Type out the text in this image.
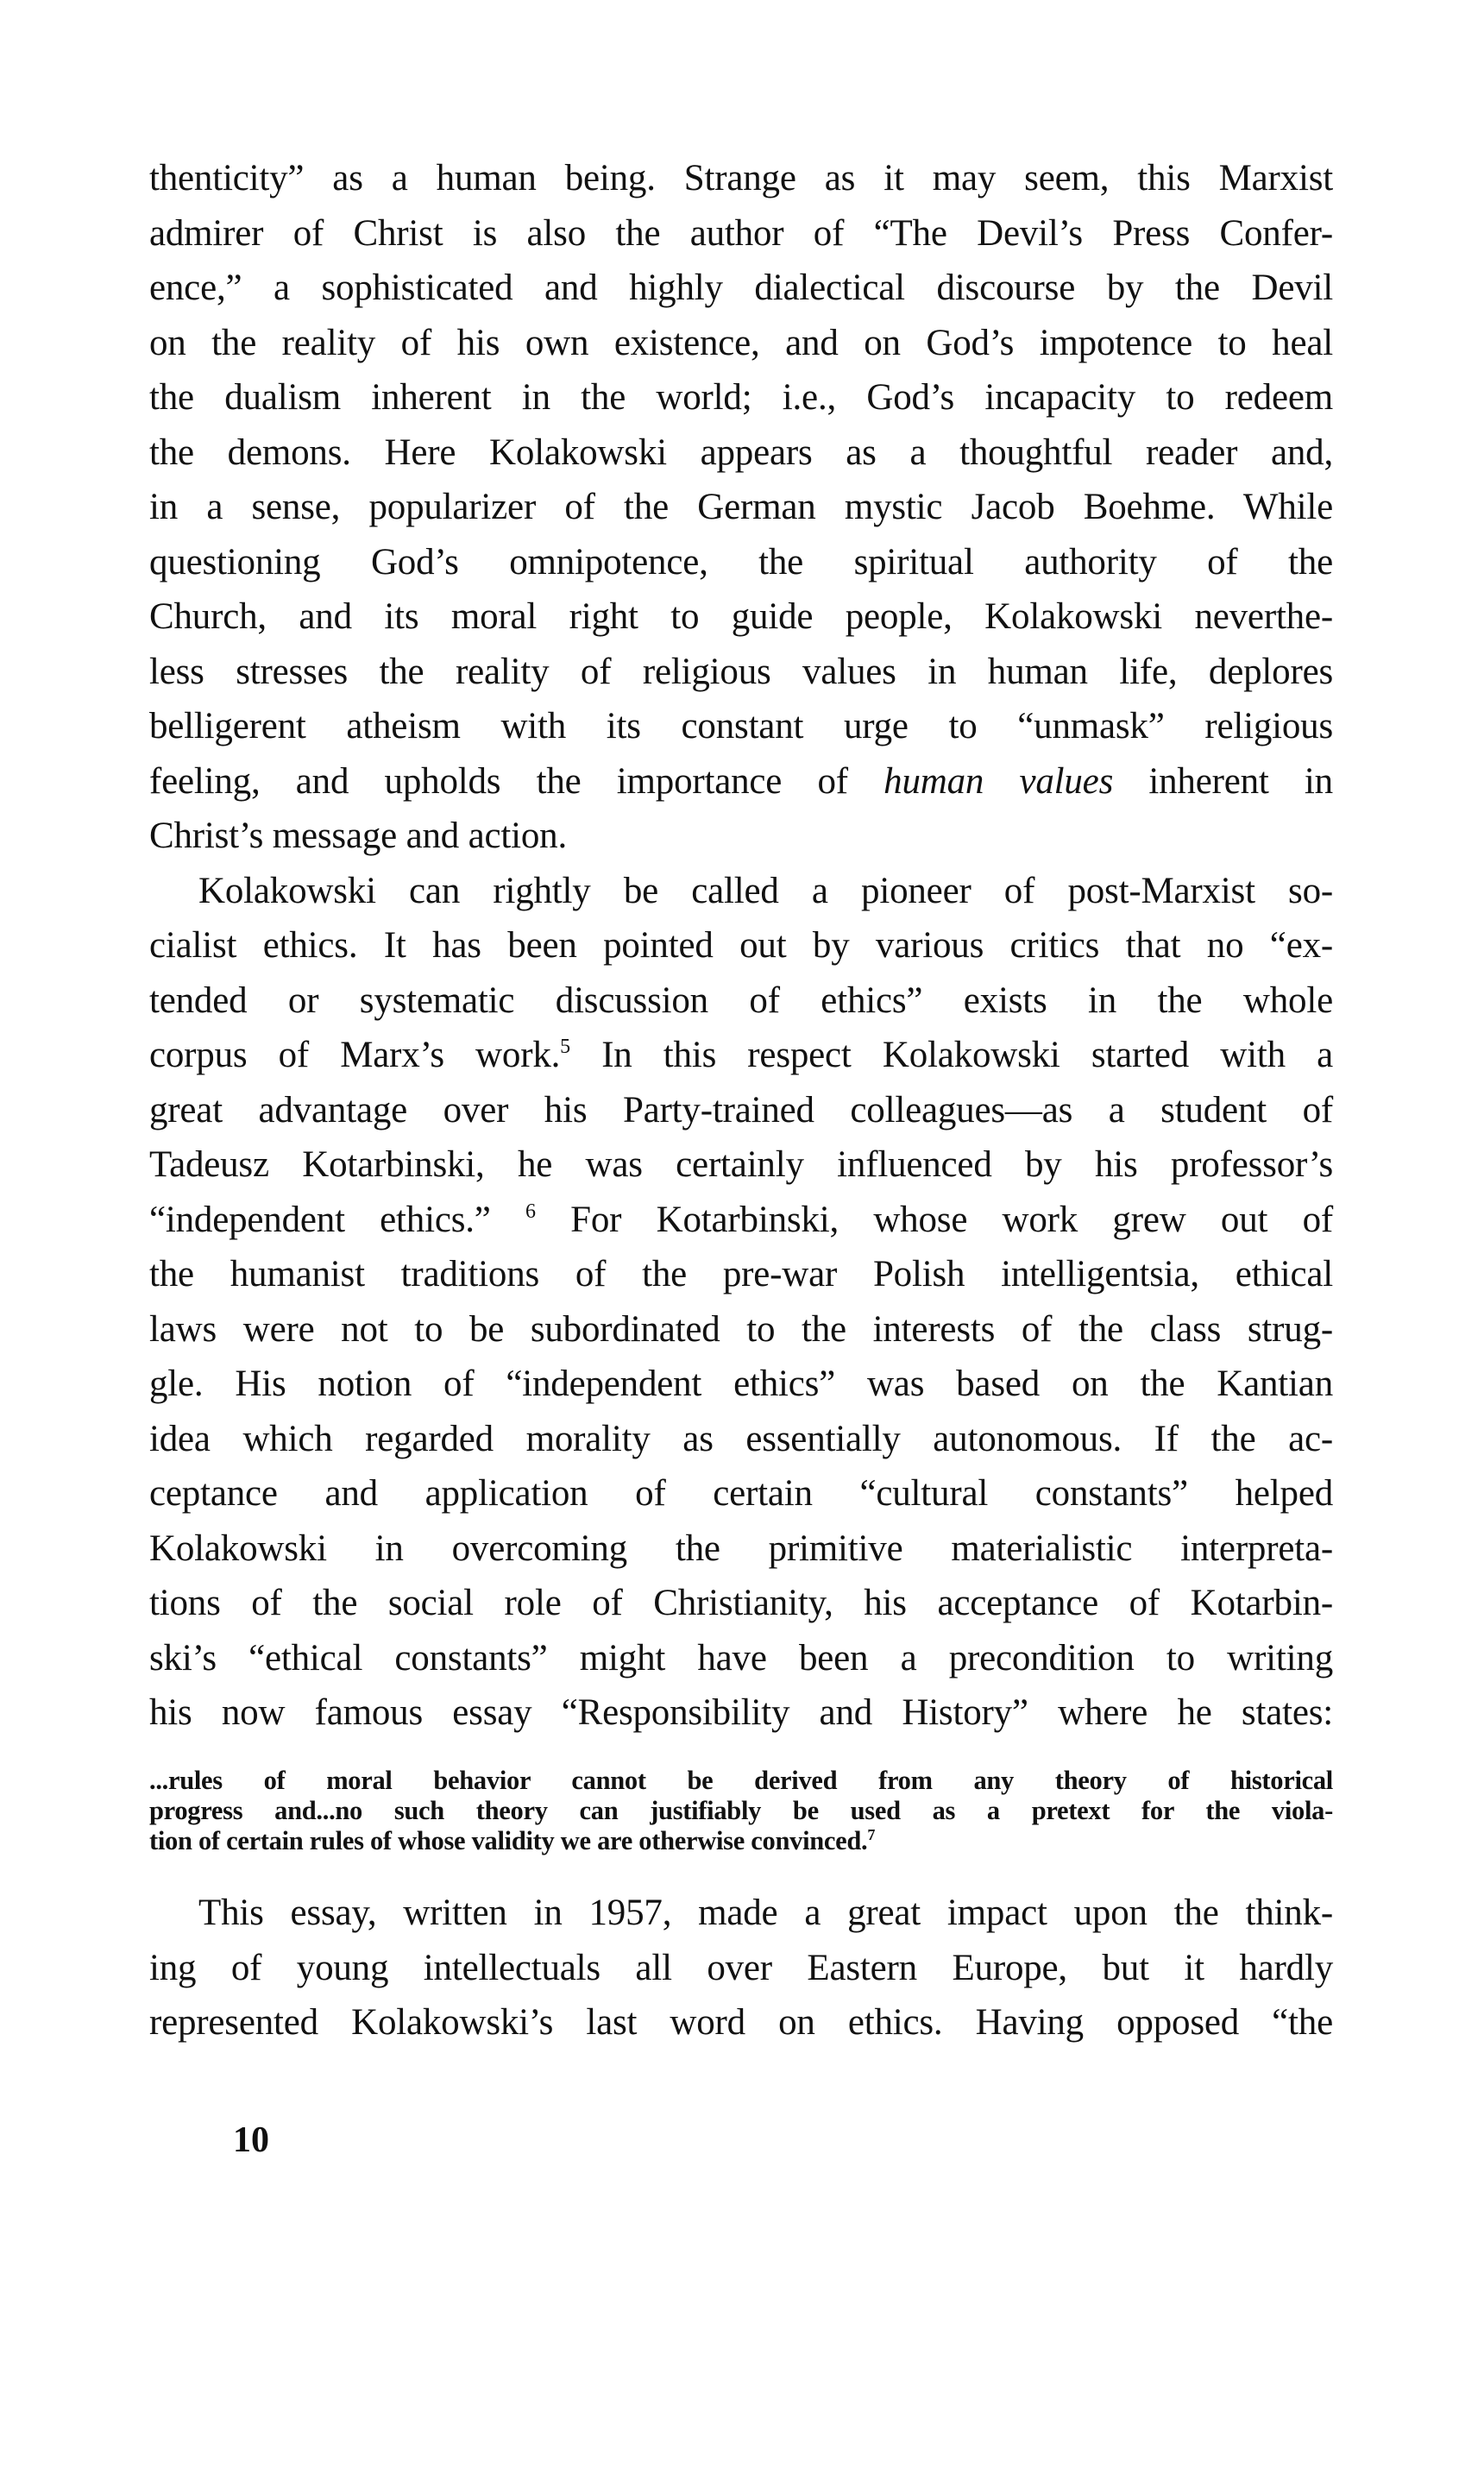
thenticity” as a human being. Strange as it may seem, this Marxist
admirer of Christ is also the author of “The Devil’s Press Confer-
ence,” a sophisticated and highly dialectical discourse by the Devil
on the reality of his own existence, and on God’s impotence to heal
the dualism inherent in the world; i.e., God’s incapacity to redeem
the demons. Here Kolakowski appears as a thoughtful reader and,
in a sense, popularizer of the German mystic Jacob Boehme. While
questioning God’s omnipotence, the spiritual authority of the
Church, and its moral right to guide people, Kolakowski neverthe-
less stresses the reality of religious values in human life, deplores
belligerent atheism with its constant urge to “unmask” religious
feeling, and upholds the importance of human values inherent in
Christ’s message and action.
Kolakowski can rightly be called a pioneer of post-Marxist so-
cialist ethics. It has been pointed out by various critics that no “ex-
tended or systematic discussion of ethics” exists in the whole
corpus of Marx’s work.$^5$ In this respect Kolakowski started with a
great advantage over his Party-trained colleagues—as a student of
Tadeusz Kotarbinski, he was certainly influenced by his professor’s
“independent ethics.” $^6$ For Kotarbinski, whose work grew out of
the humanist traditions of the pre-war Polish intelligentsia, ethical
laws were not to be subordinated to the interests of the class strug-
gle. His notion of “independent ethics” was based on the Kantian
idea which regarded morality as essentially autonomous. If the ac-
ceptance and application of certain “cultural constants” helped
Kolakowski in overcoming the primitive materialistic interpreta-
tions of the social role of Christianity, his acceptance of Kotarbin-
ski’s “ethical constants” might have been a precondition to writing
his now famous essay “Responsibility and History” where he states:
...rules of moral behavior cannot be derived from any theory of historical
progress and...no such theory can justifiably be used as a pretext for the viola-
tion of certain rules of whose validity we are otherwise convinced.$^7$
This essay, written in 1957, made a great impact upon the think-
ing of young intellectuals all over Eastern Europe, but it hardly
represented Kolakowski’s last word on ethics. Having opposed “the
10
